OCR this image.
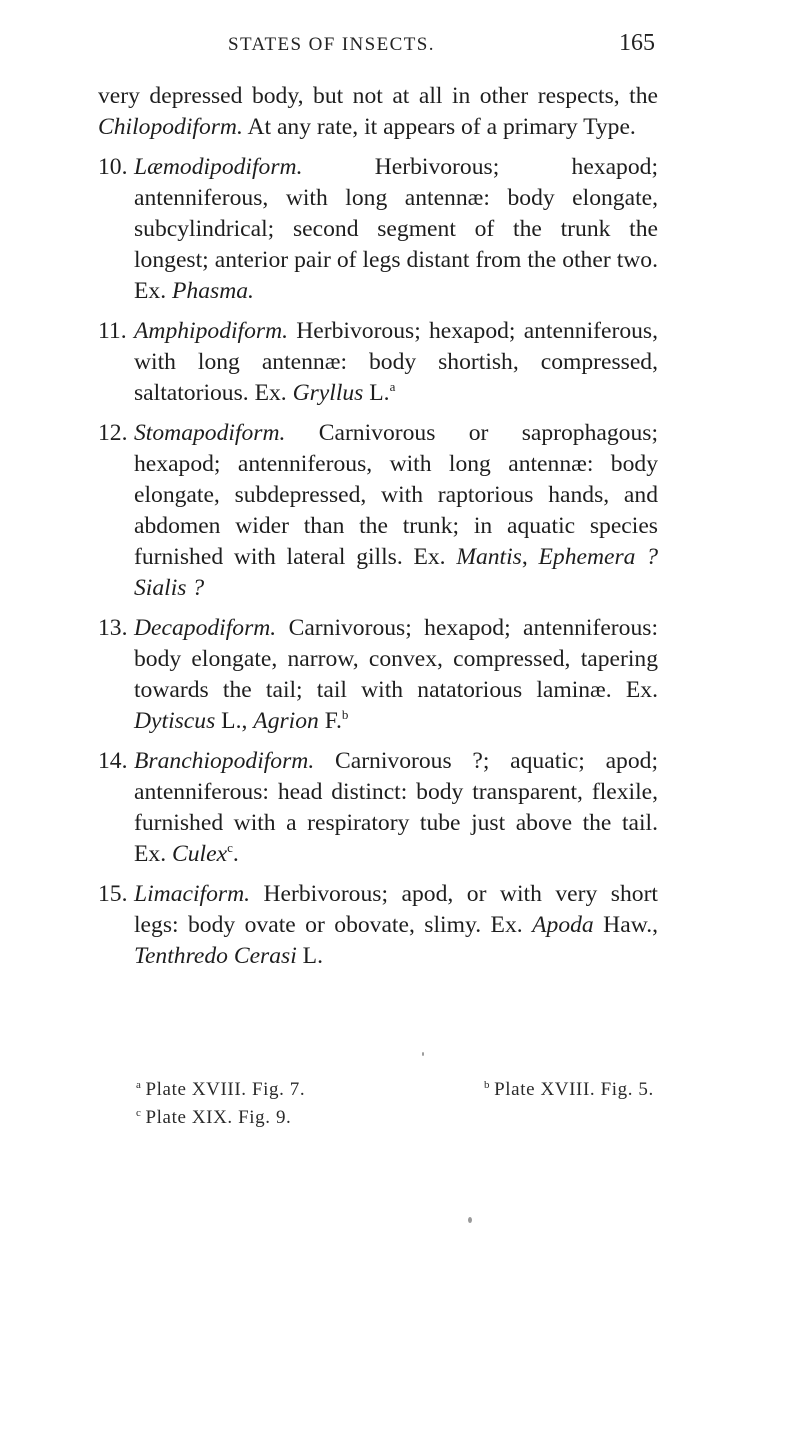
STATES OF INSECTS.	165

very depressed body, but not at all in other respects, the Chilopodiform. At any rate, it appears of a primary Type.

10. Læmodipodiform. Herbivorous; hexapod; antenniferous, with long antennæ: body elongate, subcylindrical; second segment of the trunk the longest; anterior pair of legs distant from the other two. Ex. Phasma.

11. Amphipodiform. Herbivorous; hexapod; antenniferous, with long antennæ: body shortish, compressed, saltatorious. Ex. Gryllus L.$^a$

12. Stomapodiform. Carnivorous or saprophagous; hexapod; antenniferous, with long antennæ: body elongate, subdepressed, with raptorious hands, and abdomen wider than the trunk; in aquatic species furnished with lateral gills. Ex. Mantis, Ephemera ? Sialis ?

13. Decapodiform. Carnivorous; hexapod; antenniferous: body elongate, narrow, convex, compressed, tapering towards the tail; tail with natatorious laminæ. Ex. Dytiscus L., Agrion F.$^b$

14. Branchiopodiform. Carnivorous ?; aquatic; apod; antenniferous: head distinct: body transparent, flexile, furnished with a respiratory tube just above the tail. Ex. Culex$^c$.

15. Limaciform. Herbivorous; apod, or with very short legs: body ovate or obovate, slimy. Ex. Apoda Haw., Tenthredo Cerasi L.

$^a$ Plate XVIII. Fig. 7.	$^b$ Plate XVIII. Fig. 5.
$^c$ Plate XIX. Fig. 9.
